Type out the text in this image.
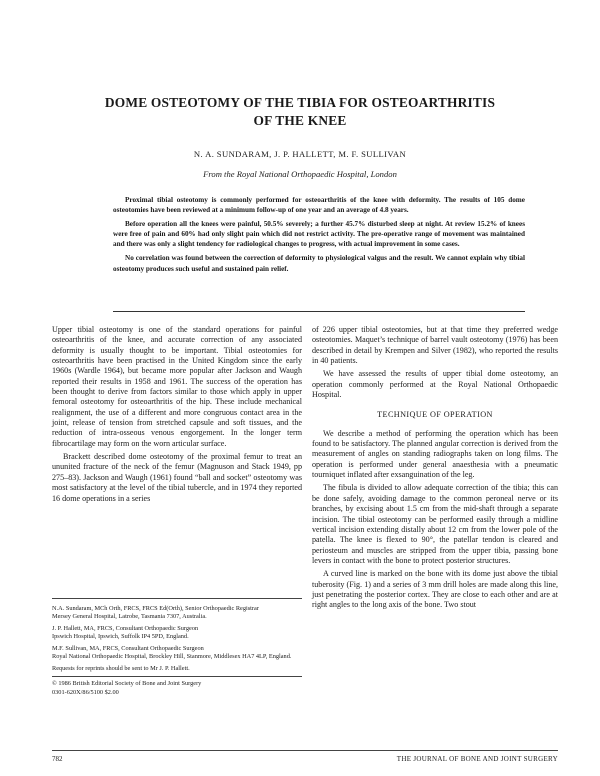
DOME OSTEOTOMY OF THE TIBIA FOR OSTEOARTHRITIS
OF THE KNEE
N. A. SUNDARAM, J. P. HALLETT, M. F. SULLIVAN
From the Royal National Orthopaedic Hospital, London

Proximal tibial osteotomy is commonly performed for osteoarthritis of the knee with deformity. The results of 105 dome osteotomies have been reviewed at a minimum follow-up of one year and an average of 4.8 years.

Before operation all the knees were painful, 50.5% severely; a further 45.7% disturbed sleep at night. At review 15.2% of knees were free of pain and 60% had only slight pain which did not restrict activity. The pre-operative range of movement was maintained and there was only a slight tendency for radiological changes to progress, with actual improvement in some cases.

No correlation was found between the correction of deformity to physiological valgus and the result. We cannot explain why tibial osteotomy produces such useful and sustained pain relief.

Upper tibial osteotomy is one of the standard operations for painful osteoarthritis of the knee, and accurate correction of any associated deformity is usually thought to be important. Tibial osteotomies for osteoarthritis have been practised in the United Kingdom since the early 1960s (Wardle 1964), but became more popular after Jackson and Waugh reported their results in 1958 and 1961. The success of the operation has been thought to derive from factors similar to those which apply in upper femoral osteotomy for osteoarthritis of the hip. These include mechanical realignment, the use of a different and more congruous contact area in the joint, release of tension from stretched capsule and soft tissues, and the reduction of intra-osseous venous engorgement. In the longer term fibrocartilage may form on the worn articular surface.

Brackett described dome osteotomy of the proximal femur to treat an ununited fracture of the neck of the femur (Magnuson and Stack 1949, pp 275–83). Jackson and Waugh (1961) found “ball and socket” osteotomy was most satisfactory at the level of the tibial tubercle, and in 1974 they reported 16 dome operations in a series

of 226 upper tibial osteotomies, but at that time they preferred wedge osteotomies. Maquet’s technique of barrel vault osteotomy (1976) has been described in detail by Krempen and Silver (1982), who reported the results in 40 patients.

We have assessed the results of upper tibial dome osteotomy, an operation commonly performed at the Royal National Orthopaedic Hospital.

TECHNIQUE OF OPERATION

We describe a method of performing the operation which has been found to be satisfactory. The planned angular correction is derived from the measurement of angles on standing radiographs taken on long films. The operation is performed under general anaesthesia with a pneumatic tourniquet inflated after exsanguination of the leg.

The fibula is divided to allow adequate correction of the tibia; this can be done safely, avoiding damage to the common peroneal nerve or its branches, by excising about 1.5 cm from the mid-shaft through a separate incision. The tibial osteotomy can be performed easily through a midline vertical incision extending distally about 12 cm from the lower pole of the patella. The knee is flexed to 90°, the patellar tendon is cleared and periosteum and muscles are stripped from the upper tibia, passing bone levers in contact with the bone to protect posterior structures.

A curved line is marked on the bone with its dome just above the tibial tuberosity (Fig. 1) and a series of 3 mm drill holes are made along this line, just penetrating the posterior cortex. They are close to each other and are at right angles to the long axis of the bone. Two stout

N.A. Sundaram, MCh Orth, FRCS, FRCS Ed(Orth), Senior Orthopaedic Registrar
Mersey General Hospital, Latrobe, Tasmania 7307, Australia.

J. P. Hallett, MA, FRCS, Consultant Orthopaedic Surgeon
Ipswich Hospital, Ipswich, Suffolk IP4 5PD, England.

M.F. Sullivan, MA, FRCS, Consultant Orthopaedic Surgeon
Royal National Orthopaedic Hospital, Brockley Hill, Stanmore, Middlesex HA7 4LP, England.

Requests for reprints should be sent to Mr J. P. Hallett.

© 1986 British Editorial Society of Bone and Joint Surgery
0301-620X/86/5100 $2.00

782	THE JOURNAL OF BONE AND JOINT SURGERY
